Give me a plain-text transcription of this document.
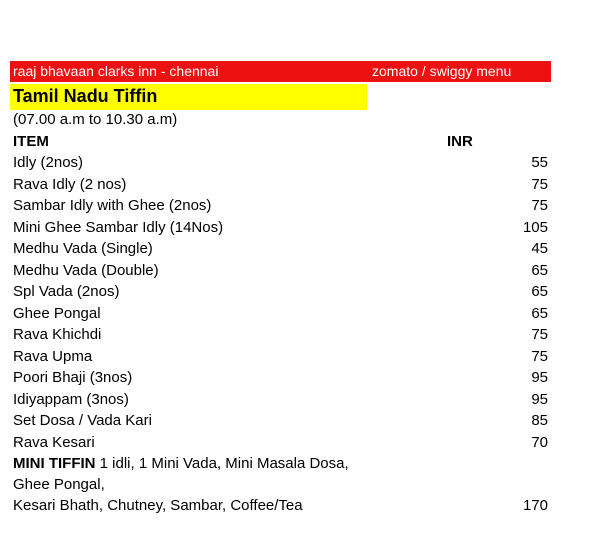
raaj bhavaan clarks inn - chennai	zomato / swiggy menu
Tamil Nadu Tiffin
(07.00 a.m to 10.30 a.m)
ITEM	INR
Idly (2nos)	55
Rava Idly (2 nos)	75
Sambar Idly with Ghee (2nos)	75
Mini Ghee Sambar Idly (14Nos)	105
Medhu Vada (Single)	45
Medhu Vada (Double)	65
Spl Vada (2nos)	65
Ghee Pongal	65
Rava Khichdi	75
Rava Upma	75
Poori Bhaji (3nos)	95
Idiyappam (3nos)	95
Set Dosa / Vada Kari	85
Rava Kesari	70
MINI TIFFIN 1 idli, 1 Mini Vada, Mini Masala Dosa,
Ghee Pongal,
Kesari Bhath, Chutney, Sambar, Coffee/Tea	170
